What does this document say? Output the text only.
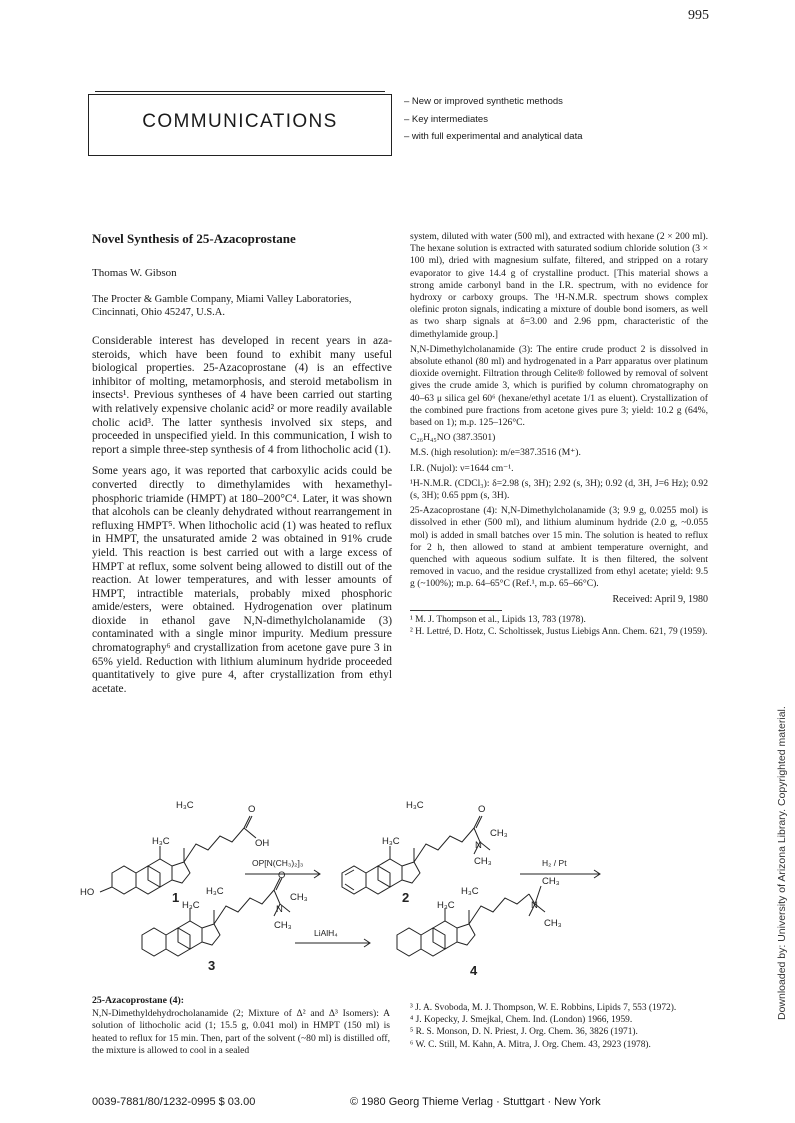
995
COMMUNICATIONS
– New or improved synthetic methods
– Key intermediates
– with full experimental and analytical data
Novel Synthesis of 25-Azacoprostane
Thomas W. Gibson
The Procter & Gamble Company, Miami Valley Laboratories, Cincinnati, Ohio 45247, U.S.A.

Considerable interest has developed in recent years in aza-steroids, which have been found to exhibit many useful biological properties. 25-Azacoprostane (4) is an effective inhibitor of molting, metamorphosis, and steroid metabolism in insects¹. Previous syntheses of 4 have been carried out starting with relatively expensive cholanic acid² or more readily available cholic acid³. The latter synthesis involved six steps, and proceeded in unspecified yield. In this communication, I wish to report a simple three-step synthesis of 4 from lithocholic acid (1).

Some years ago, it was reported that carboxylic acids could be converted directly to dimethylamides with hexamethyl-phosphoric triamide (HMPT) at 180–200°C⁴. Later, it was shown that alcohols can be cleanly dehydrated without rearrangement in refluxing HMPT⁵. When lithocholic acid (1) was heated to reflux in HMPT, the unsaturated amide 2 was obtained in 91% crude yield. This reaction is best carried out with a large excess of HMPT at reflux, some solvent being allowed to distill out of the reaction. At lower temperatures, and with lesser amounts of HMPT, intractible materials, probably mixed phosphoric amide/esters, were obtained. Hydrogenation over platinum dioxide in ethanol gave N,N-dimethylcholanamide (3) contaminated with a single minor impurity. Medium pressure chromatography⁶ and crystallization from acetone gave pure 3 in 65% yield. Reduction with lithium aluminum hydride proceeded quantitatively to give pure 4, after crystallization from ethyl acetate.

system, diluted with water (500 ml), and extracted with hexane (2 × 200 ml). The hexane solution is extracted with saturated sodium chloride solution (3 × 100 ml), dried with magnesium sulfate, filtered, and stripped on a rotary evaporator to give 14.4 g of crystalline product. [This material shows a strong amide carbonyl band in the I.R. spectrum, with no evidence for hydroxy or carboxy groups. The ¹H-N.M.R. spectrum shows complex olefinic proton signals, indicating a mixture of double bond isomers, as well as two sharp signals at δ=3.00 and 2.96 ppm, characteristic of the dimethylamide group.]

N,N-Dimethylcholanamide (3): The entire crude product 2 is dissolved in absolute ethanol (80 ml) and hydrogenated in a Parr apparatus over platinum dioxide overnight. Filtration through Celite® followed by removal of solvent gives the crude amide 3, which is purified by column chromatography on 40–63 μ silica gel 60⁶ (hexane/ethyl acetate 1/1 as eluent). Crystallization of the combined pure fractions from acetone gives pure 3; yield: 10.2 g (64%, based on 1); m.p. 125–126°C.

C₂₆H₄₅NO (387.3501)

M.S. (high resolution): m/e=387.3516 (M⁺).

I.R. (Nujol): ν=1644 cm⁻¹.

¹H-N.M.R. (CDCl₃): δ=2.98 (s, 3H); 2.92 (s, 3H); 0.92 (d, 3H, J=6 Hz); 0.92 (s, 3H); 0.65 ppm (s, 3H).

25-Azacoprostane (4): N,N-Dimethylcholanamide (3; 9.9 g, 0.0255 mol) is dissolved in ether (500 ml), and lithium aluminum hydride (2.0 g, ~0.055 mol) is added in small batches over 15 min. The solution is heated to reflux for 2 h, then allowed to stand at ambient temperature overnight, and quenched with aqueous sodium sulfate. It is then filtered, the solvent removed in vacuo, and the residue crystallized from ethyl acetate; yield: 9.5 g (~100%); m.p. 64–65°C (Ref.¹, m.p. 65–66°C).

Received: April 9, 1980

¹ M. J. Thompson et al., Lipids 13, 783 (1978).

² H. Lettré, D. Hotz, C. Scholtissek, Justus Liebigs Ann. Chem. 621, 79 (1959).

HO
H₃C
H₃C	O
OH
1
OP[N(CH₃)₂]₃
H₃C
H₃C	O
N
CH₃
CH₃
2
H₂ / Pt
H₃C
H₃C
O
N
CH₃
CH₃
3
LiAlH₄
H₃C
H₃C
N
CH₃
CH₃
4
25-Azacoprostane (4):
N,N-Dimethyldehydrocholanamide (2; Mixture of Δ² and Δ³ Isomers): A solution of lithocholic acid (1; 15.5 g, 0.041 mol) in HMPT (150 ml) is heated to reflux for 15 min. Then, part of the solvent (~80 ml) is distilled off, the mixture is allowed to cool in a sealed

³ J. A. Svoboda, M. J. Thompson, W. E. Robbins, Lipids 7, 553 (1972).

⁴ J. Kopecky, J. Smejkal, Chem. Ind. (London) 1966, 1959.

⁵ R. S. Monson, D. N. Priest, J. Org. Chem. 36, 3826 (1971).

⁶ W. C. Still, M. Kahn, A. Mitra, J. Org. Chem. 43, 2923 (1978).

0039-7881/80/1232-0995 $ 03.00	© 1980 Georg Thieme Verlag · Stuttgart · New York
Downloaded by: University of Arizona Library. Copyrighted material.
